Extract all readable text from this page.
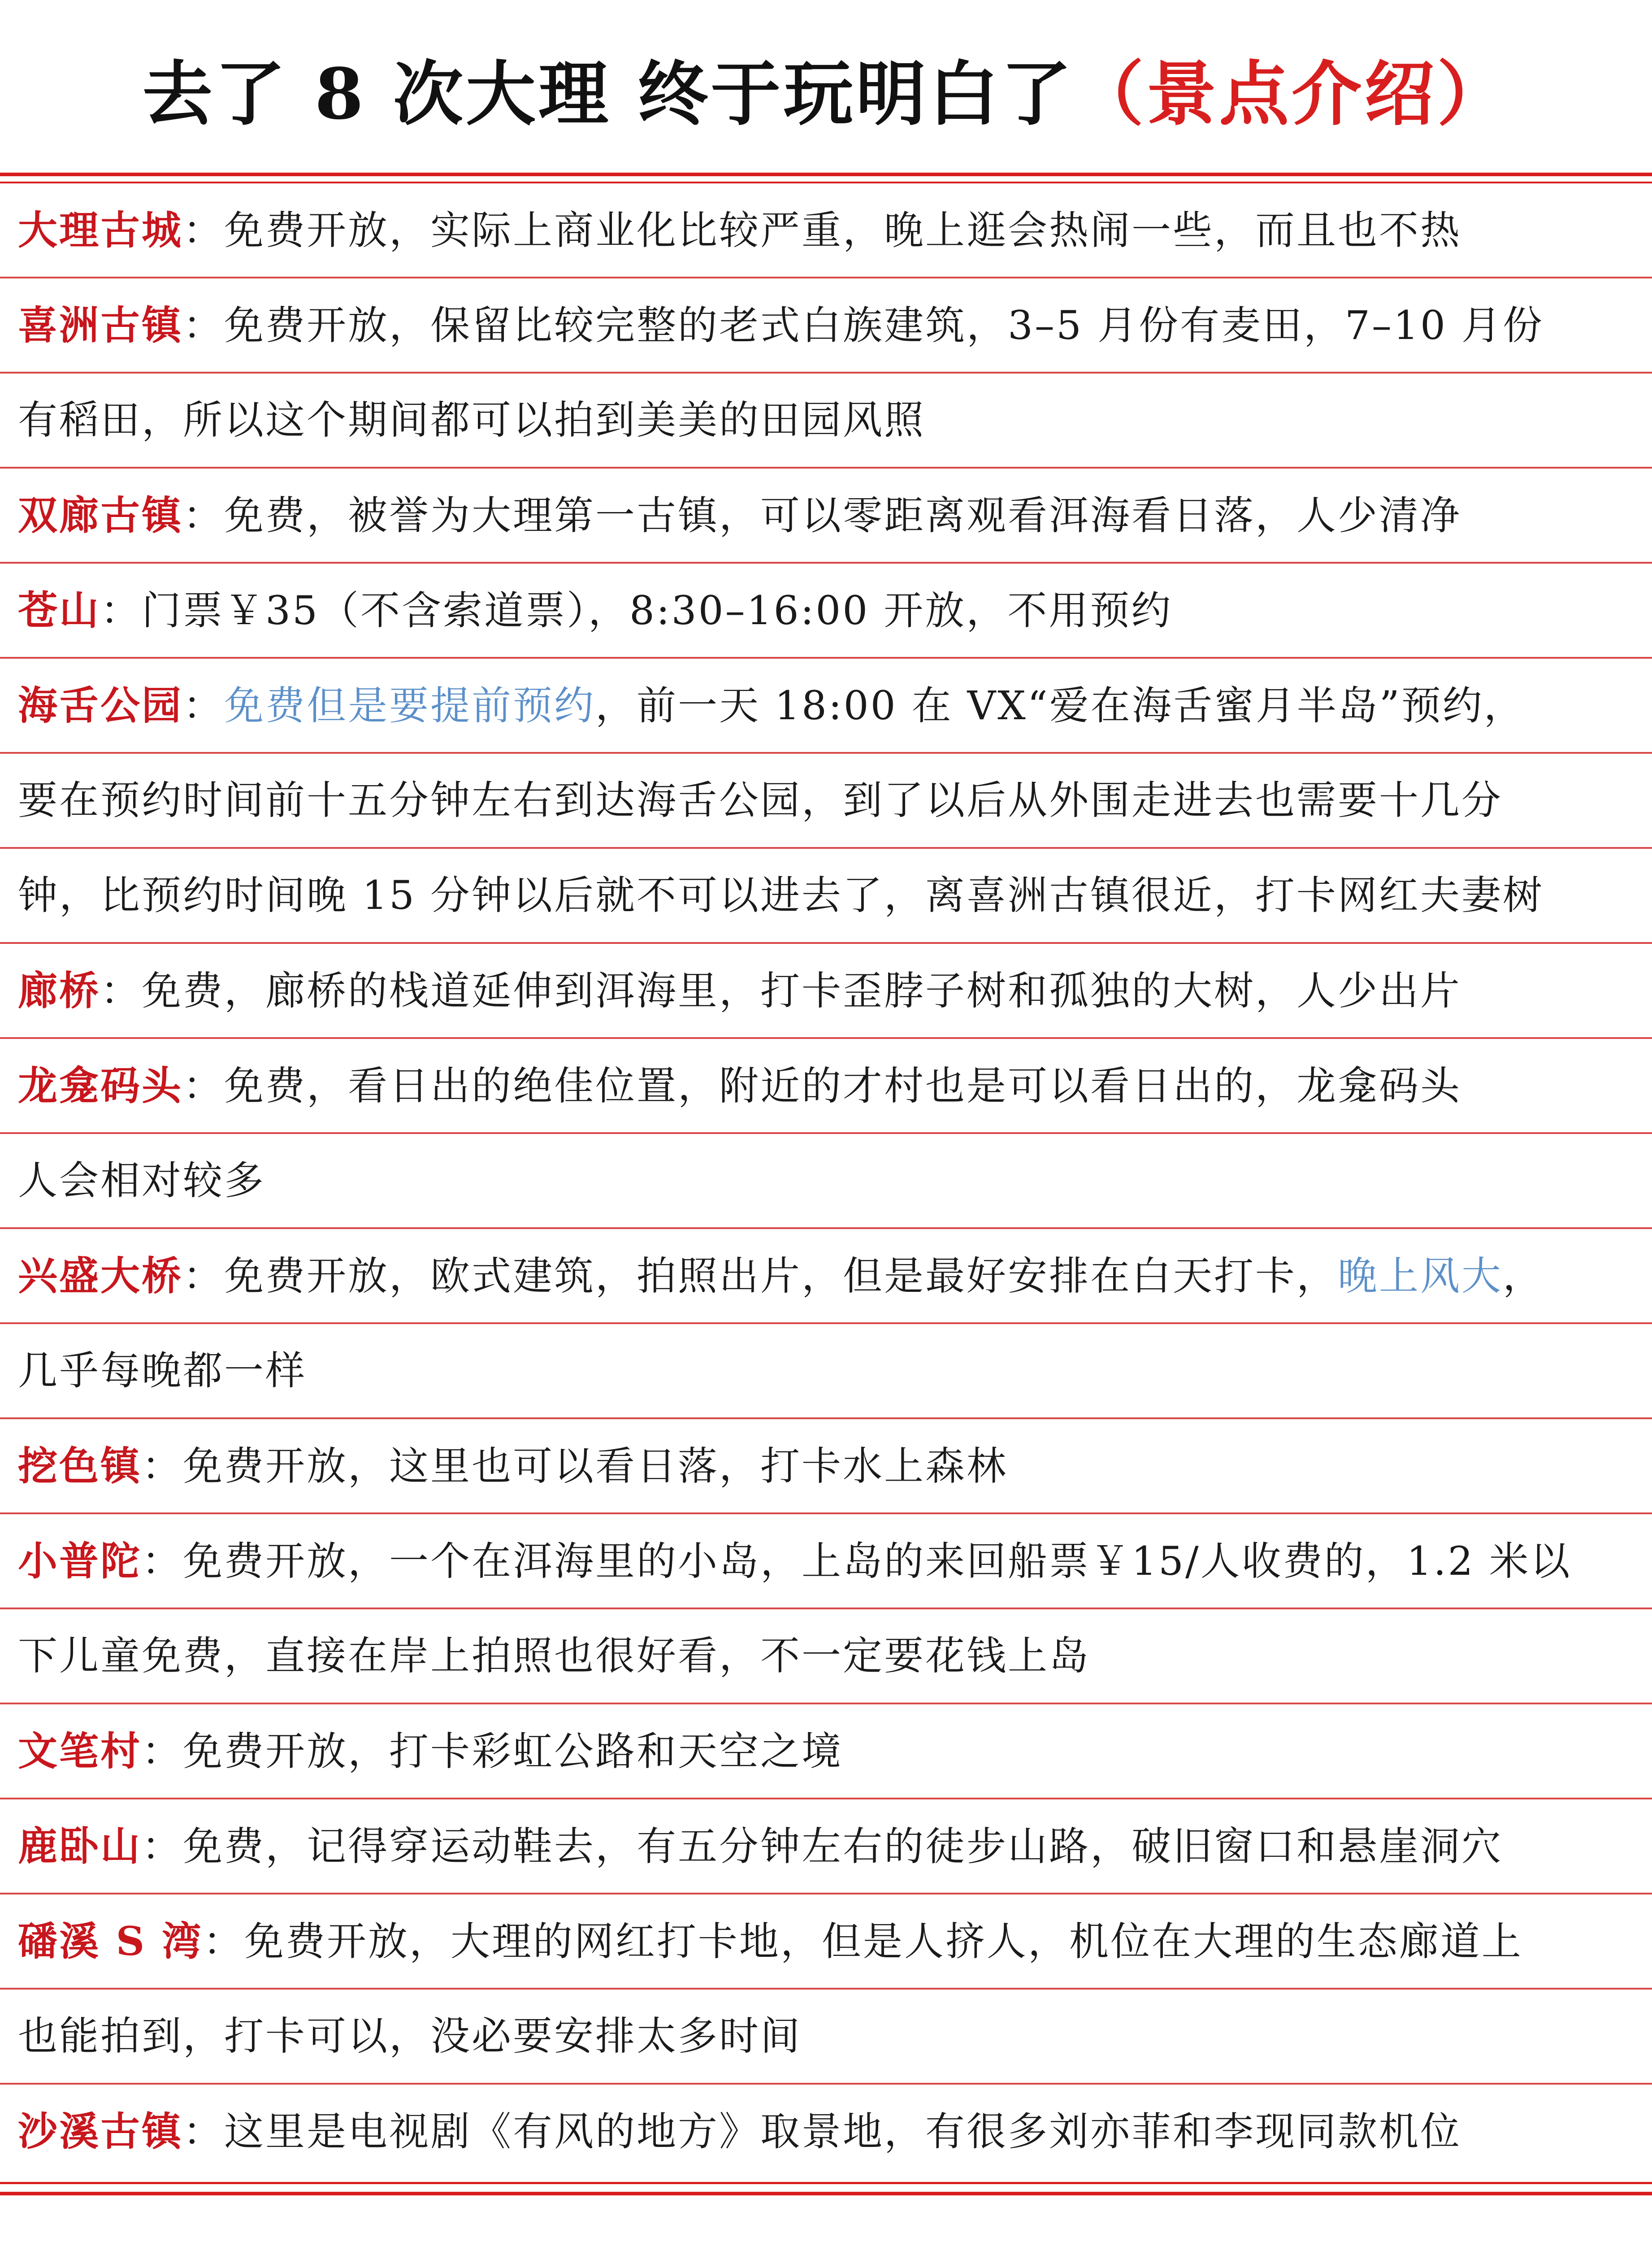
去了 8 次大理 终于玩明白了（景点介绍）
大理古城：免费开放，实际上商业化比较严重，晚上逛会热闹一些，而且也不热
喜洲古镇：免费开放，保留比较完整的老式白族建筑，3–5 月份有麦田，7–10 月份
有稻田，所以这个期间都可以拍到美美的田园风照
双廊古镇：免费，被誉为大理第一古镇，可以零距离观看洱海看日落，人少清净
苍山：门票￥35（不含索道票），8:30–16:00 开放，不用预约
海舌公园：免费但是要提前预约，前一天 18:00 在 VX“爱在海舌蜜月半岛”预约，
要在预约时间前十五分钟左右到达海舌公园，到了以后从外围走进去也需要十几分
钟，比预约时间晚 15 分钟以后就不可以进去了，离喜洲古镇很近，打卡网红夫妻树
廊桥：免费，廊桥的栈道延伸到洱海里，打卡歪脖子树和孤独的大树，人少出片
龙龛码头：免费，看日出的绝佳位置，附近的才村也是可以看日出的，龙龛码头
人会相对较多
兴盛大桥：免费开放，欧式建筑，拍照出片，但是最好安排在白天打卡，晚上风大，
几乎每晚都一样
挖色镇：免费开放，这里也可以看日落，打卡水上森林
小普陀：免费开放，一个在洱海里的小岛，上岛的来回船票￥15/人收费的，1.2 米以
下儿童免费，直接在岸上拍照也很好看，不一定要花钱上岛
文笔村：免费开放，打卡彩虹公路和天空之境
鹿卧山：免费，记得穿运动鞋去，有五分钟左右的徒步山路，破旧窗口和悬崖洞穴
磻溪 S 湾：免费开放，大理的网红打卡地，但是人挤人，机位在大理的生态廊道上
也能拍到，打卡可以，没必要安排太多时间
沙溪古镇：这里是电视剧《有风的地方》取景地，有很多刘亦菲和李现同款机位
